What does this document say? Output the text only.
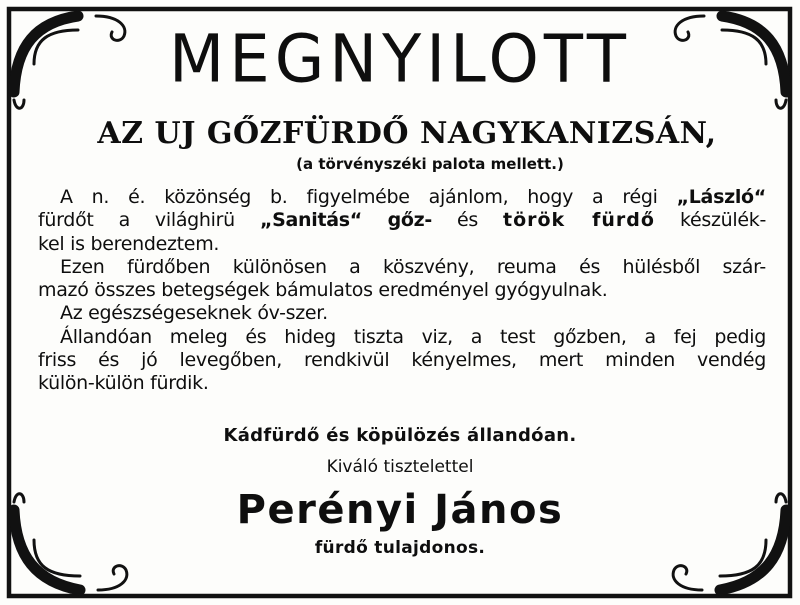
MEGNYILOTT
AZ UJ GŐZFÜRDŐ NAGYKANIZSÁN,
(a törvényszéki palota mellett.)
A n. é. közönség b. figyelmébe ajánlom, hogy a régi „László“
fürdőt a világhirü „Sanitás“ gőz- és török fürdő készülék-
kel is berendeztem.
Ezen fürdőben különösen a köszvény, reuma és hülésből szár-
mazó összes betegségek bámulatos eredményel gyógyulnak.
Az egészségeseknek óv-szer.
Állandóan meleg és hideg tiszta viz, a test gőzben, a fej pedig
friss és jó levegőben, rendkivül kényelmes, mert minden vendég
külön-külön fürdik.
Kádfürdő és köpülözés állandóan.
Kiváló tisztelettel
Perényi János
fürdő tulajdonos.
